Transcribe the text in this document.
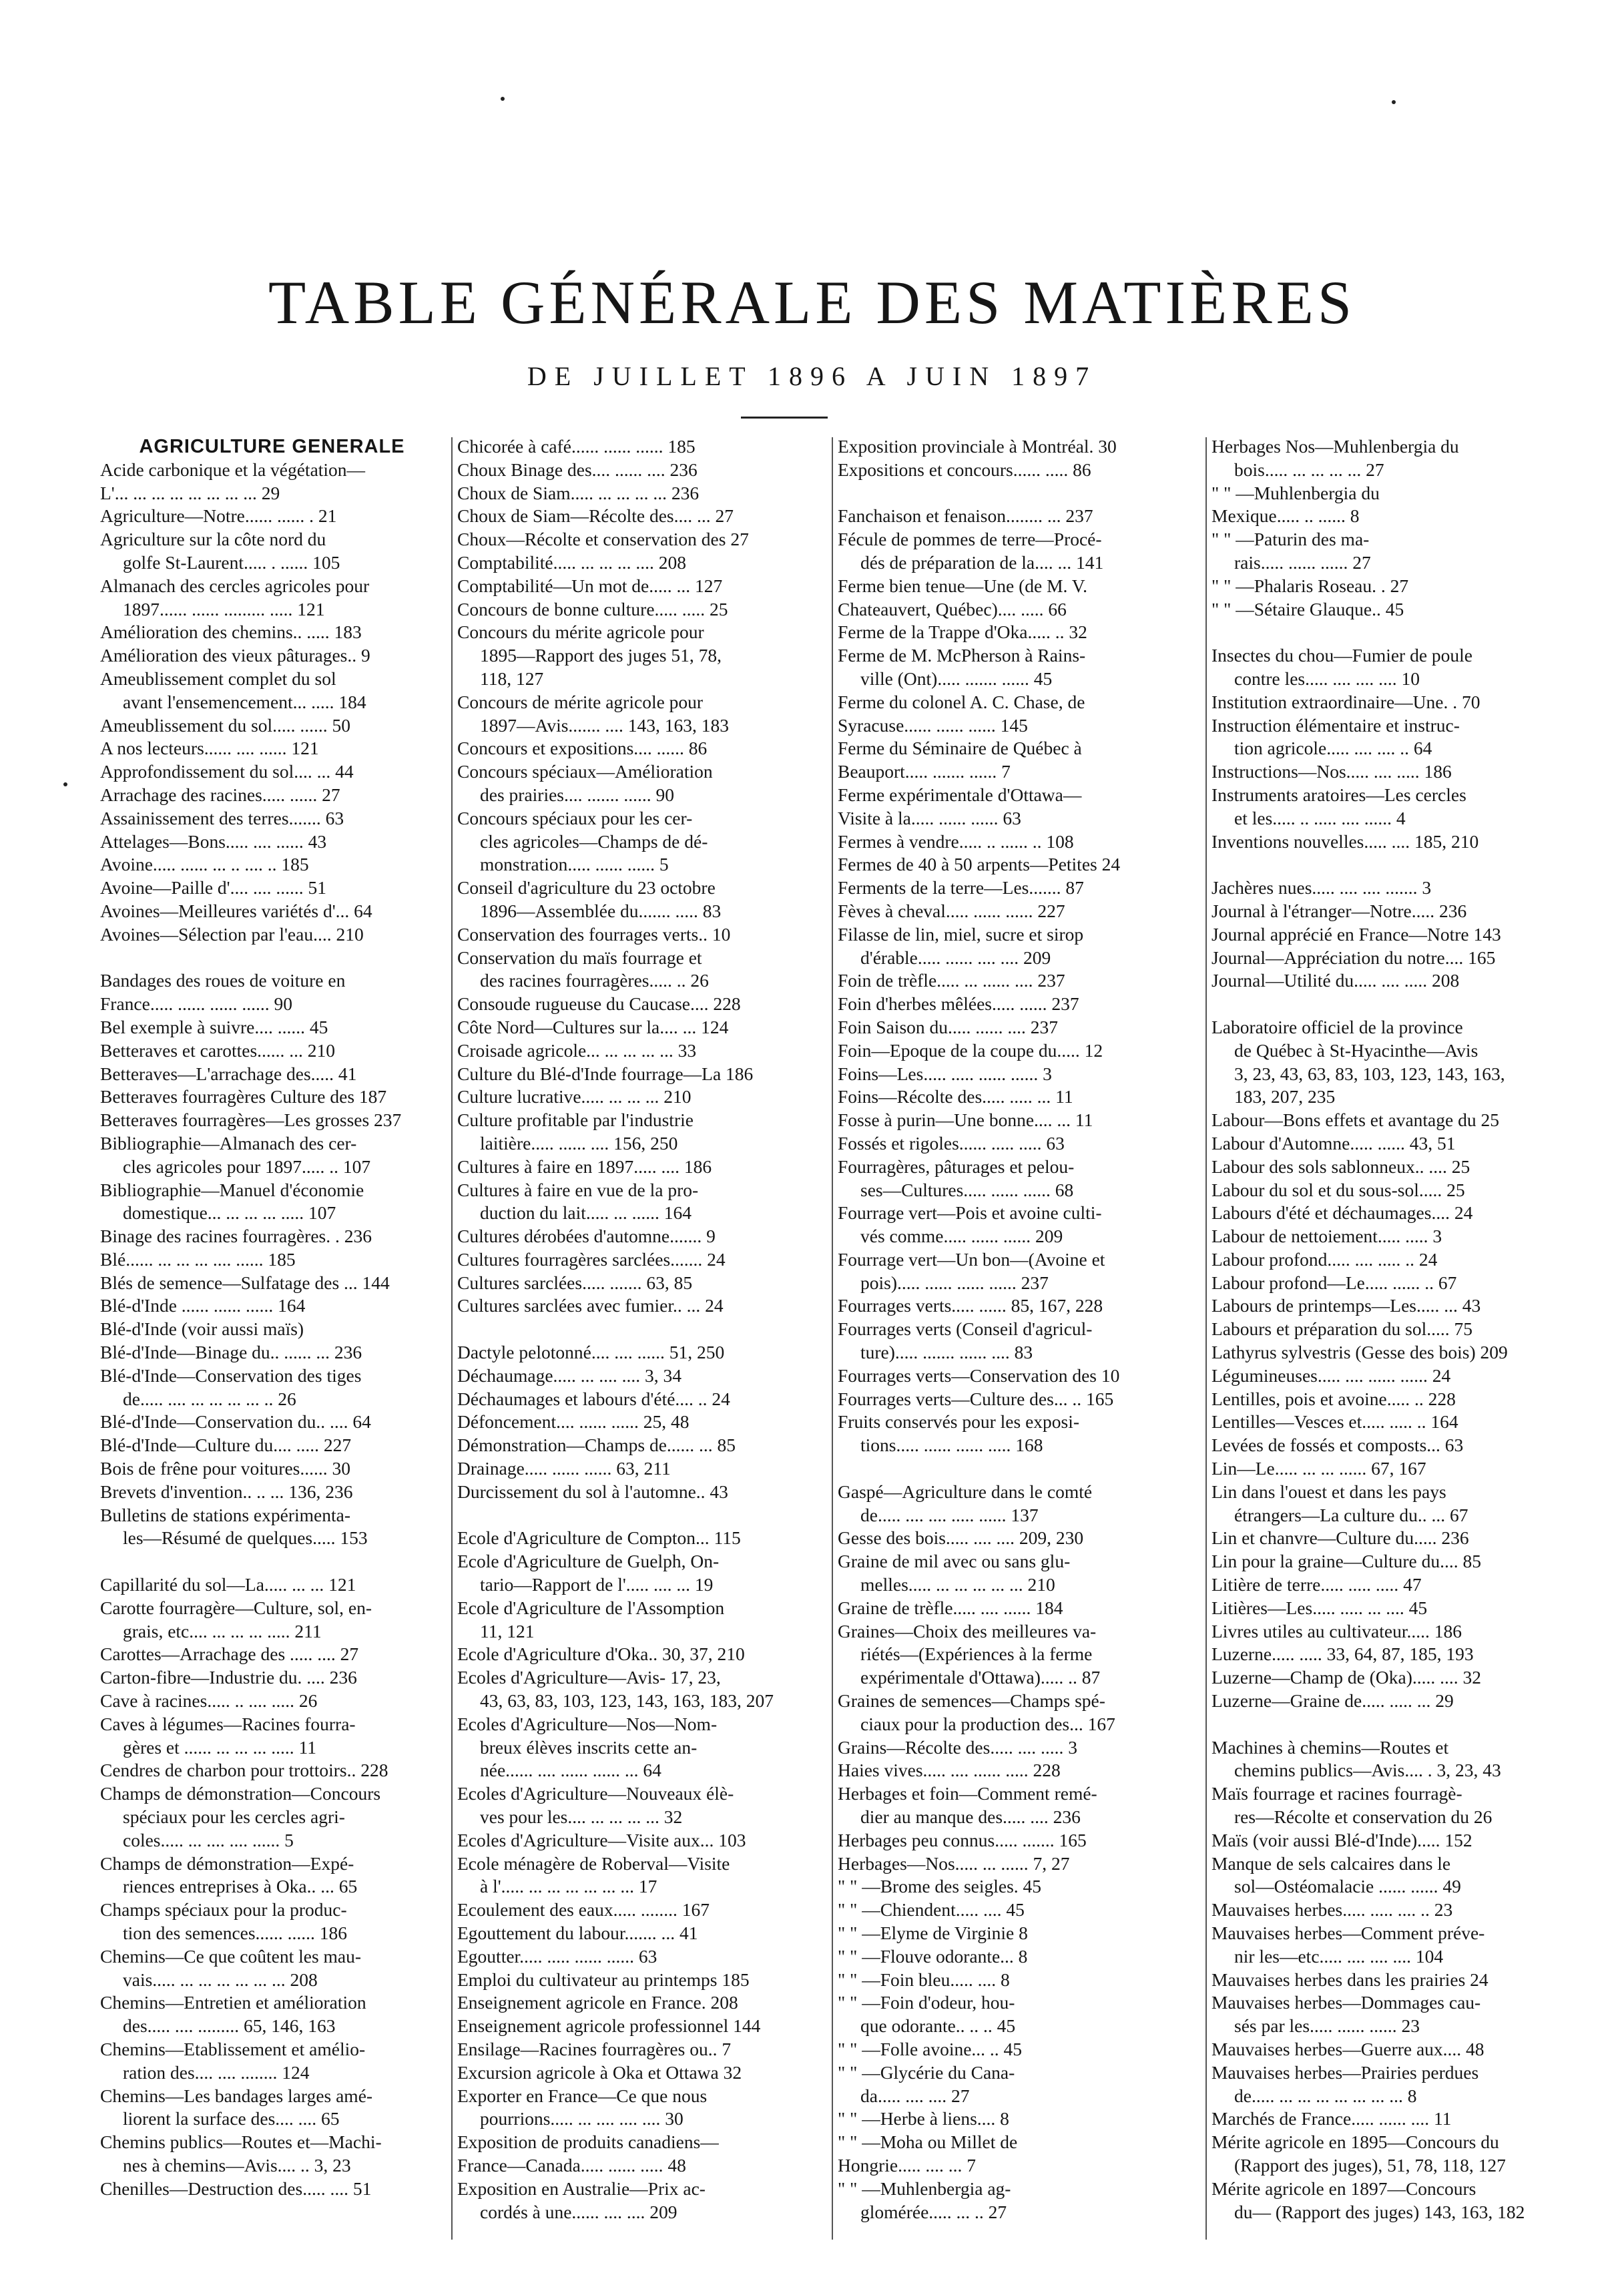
TABLE GÉNÉRALE DES MATIÈRES
DE JUILLET 1896 A JUIN 1897
AGRICULTURE GENERALE
Acide carbonique et la végétation—
L'... ... ... ... ... ... ... ... 29
Agriculture—Notre...... ...... . 21
Agriculture sur la côte nord du
golfe St-Laurent..... . ...... 105
Almanach des cercles agricoles pour
1897...... ...... ......... ..... 121
Amélioration des chemins.. ..... 183
Amélioration des vieux pâturages.. 9
Ameublissement complet du sol
avant l'ensemencement... ..... 184
Ameublissement du sol..... ...... 50
A nos lecteurs...... .... ...... 121
Approfondissement du sol.... ... 44
Arrachage des racines..... ...... 27
Assainissement des terres....... 63
Attelages—Bons..... .... ...... 43
Avoine..... ...... ... .. .... .. 185
Avoine—Paille d'.... .... ...... 51
Avoines—Meilleures variétés d'... 64
Avoines—Sélection par l'eau.... 210
Bandages des roues de voiture en
France..... ...... ...... ...... 90
Bel exemple à suivre.... ...... 45
Betteraves et carottes...... ... 210
Betteraves—L'arrachage des..... 41
Betteraves fourragères Culture des 187
Betteraves fourragères—Les grosses 237
Bibliographie—Almanach des cer-
cles agricoles pour 1897..... .. 107
Bibliographie—Manuel d'économie
domestique... ... ... ... ..... 107
Binage des racines fourragères. . 236
Blé...... ... ... ... .... ...... 185
Blés de semence—Sulfatage des ... 144
Blé-d'Inde ...... ...... ...... 164
Blé-d'Inde (voir aussi maïs)
Blé-d'Inde—Binage du.. ...... ... 236
Blé-d'Inde—Conservation des tiges
de..... .... ... ... ... ... .. 26
Blé-d'Inde—Conservation du.. .... 64
Blé-d'Inde—Culture du.... ..... 227
Bois de frêne pour voitures...... 30
Brevets d'invention.. .. ... 136, 236
Bulletins de stations expérimenta-
les—Résumé de quelques..... 153
Capillarité du sol—La..... ... ... 121
Carotte fourragère—Culture, sol, en-
grais, etc.... ... ... ... ..... 211
Carottes—Arrachage des ..... .... 27
Carton-fibre—Industrie du. .... 236
Cave à racines..... .. .... ..... 26
Caves à légumes—Racines fourra-
gères et ...... ... ... ... ..... 11
Cendres de charbon pour trottoirs.. 228
Champs de démonstration—Concours
spéciaux pour les cercles agri-
coles..... ... .... .... ...... 5
Champs de démonstration—Expé-
riences entreprises à Oka.. ... 65
Champs spéciaux pour la produc-
tion des semences...... ...... 186
Chemins—Ce que coûtent les mau-
vais..... ... ... ... ... ... ... 208
Chemins—Entretien et amélioration
des..... .... ......... 65, 146, 163
Chemins—Etablissement et amélio-
ration des.... .... ........ 124
Chemins—Les bandages larges amé-
liorent la surface des.... .... 65
Chemins publics—Routes et—Machi-
nes à chemins—Avis.... .. 3, 23
Chenilles—Destruction des..... .... 51
Chicorée à café...... ...... ...... 185
Choux Binage des.... ...... .... 236
Choux de Siam..... ... ... ... ... 236
Choux de Siam—Récolte des.... ... 27
Choux—Récolte et conservation des 27
Comptabilité..... ... ... ... .... 208
Comptabilité—Un mot de..... ... 127
Concours de bonne culture..... ..... 25
Concours du mérite agricole pour
1895—Rapport des juges 51, 78,
118, 127
Concours de mérite agricole pour
1897—Avis....... .... 143, 163, 183
Concours et expositions.... ...... 86
Concours spéciaux—Amélioration
des prairies.... ....... ...... 90
Concours spéciaux pour les cer-
cles agricoles—Champs de dé-
monstration..... ...... ...... 5
Conseil d'agriculture du 23 octobre
1896—Assemblée du....... ..... 83
Conservation des fourrages verts.. 10
Conservation du maïs fourrage et
des racines fourragères..... .. 26
Consoude rugueuse du Caucase.... 228
Côte Nord—Cultures sur la.... ... 124
Croisade agricole... ... ... ... ... 33
Culture du Blé-d'Inde fourrage—La 186
Culture lucrative..... ... ... ... 210
Culture profitable par l'industrie
laitière..... ...... .... 156, 250
Cultures à faire en 1897..... .... 186
Cultures à faire en vue de la pro-
duction du lait..... ... ...... 164
Cultures dérobées d'automne....... 9
Cultures fourragères sarclées....... 24
Cultures sarclées..... ....... 63, 85
Cultures sarclées avec fumier.. ... 24
Dactyle pelotonné.... .... ...... 51, 250
Déchaumage..... ... .... .... 3, 34
Déchaumages et labours d'été.... .. 24
Défoncement.... ...... ...... 25, 48
Démonstration—Champs de...... ... 85
Drainage..... ...... ...... 63, 211
Durcissement du sol à l'automne.. 43
Ecole d'Agriculture de Compton... 115
Ecole d'Agriculture de Guelph, On-
tario—Rapport de l'..... .... ... 19
Ecole d'Agriculture de l'Assomption
11, 121
Ecole d'Agriculture d'Oka.. 30, 37, 210
Ecoles d'Agriculture—Avis- 17, 23,
43, 63, 83, 103, 123, 143, 163, 183, 207
Ecoles d'Agriculture—Nos—Nom-
breux élèves inscrits cette an-
née...... .... ...... ...... ... 64
Ecoles d'Agriculture—Nouveaux élè-
ves pour les.... ... ... ... ... 32
Ecoles d'Agriculture—Visite aux... 103
Ecole ménagère de Roberval—Visite
à l'..... ... ... ... ... ... ... 17
Ecoulement des eaux..... ........ 167
Egouttement du labour....... ... 41
Egoutter..... ..... ...... ...... 63
Emploi du cultivateur au printemps 185
Enseignement agricole en France. 208
Enseignement agricole professionnel 144
Ensilage—Racines fourragères ou.. 7
Excursion agricole à Oka et Ottawa 32
Exporter en France—Ce que nous
pourrions..... ... .... .... .... 30
Exposition de produits canadiens—
France—Canada..... ...... ..... 48
Exposition en Australie—Prix ac-
cordés à une...... .... .... 209
Exposition provinciale à Montréal. 30
Expositions et concours...... ..... 86
Fanchaison et fenaison........ ... 237
Fécule de pommes de terre—Procé-
dés de préparation de la.... ... 141
Ferme bien tenue—Une (de M. V.
Chateauvert, Québec).... ..... 66
Ferme de la Trappe d'Oka..... .. 32
Ferme de M. McPherson à Rains-
ville (Ont)..... ....... ...... 45
Ferme du colonel A. C. Chase, de
Syracuse...... ...... ...... 145
Ferme du Séminaire de Québec à
Beauport..... ....... ...... 7
Ferme expérimentale d'Ottawa—
Visite à la..... ...... ...... 63
Fermes à vendre..... .. ...... .. 108
Fermes de 40 à 50 arpents—Petites 24
Ferments de la terre—Les....... 87
Fèves à cheval..... ...... ...... 227
Filasse de lin, miel, sucre et sirop
d'érable..... ...... .... .... 209
Foin de trèfle..... ... ...... .... 237
Foin d'herbes mêlées..... ...... 237
Foin Saison du..... ...... .... 237
Foin—Epoque de la coupe du..... 12
Foins—Les..... ..... ...... ...... 3
Foins—Récolte des..... ..... ... 11
Fosse à purin—Une bonne.... ... 11
Fossés et rigoles...... ..... ..... 63
Fourragères, pâturages et pelou-
ses—Cultures..... ...... ...... 68
Fourrage vert—Pois et avoine culti-
vés comme..... ...... ...... 209
Fourrage vert—Un bon—(Avoine et
pois)..... ...... ...... ...... 237
Fourrages verts..... ...... 85, 167, 228
Fourrages verts (Conseil d'agricul-
ture)..... ....... ...... .... 83
Fourrages verts—Conservation des 10
Fourrages verts—Culture des... .. 165
Fruits conservés pour les exposi-
tions..... ...... ...... ..... 168
Gaspé—Agriculture dans le comté
de..... .... .... ..... ...... 137
Gesse des bois..... .... .... 209, 230
Graine de mil avec ou sans glu-
melles..... ... ... ... ... ... 210
Graine de trèfle..... .... ...... 184
Graines—Choix des meilleures va-
riétés—(Expériences à la ferme
expérimentale d'Ottawa)..... .. 87
Graines de semences—Champs spé-
ciaux pour la production des... 167
Grains—Récolte des..... .... ..... 3
Haies vives..... .... ...... ..... 228
Herbages et foin—Comment remé-
dier au manque des..... .... 236
Herbages peu connus..... ....... 165
Herbages—Nos..... ... ...... 7, 27
" " —Brome des seigles. 45
" " —Chiendent..... .... 45
" " —Elyme de Virginie 8
" " —Flouve odorante... 8
" " —Foin bleu..... .... 8
" " —Foin d'odeur, hou-
que odorante.. .. .. 45
" " —Folle avoine... .. 45
" " —Glycérie du Cana-
da..... .... .... 27
" " —Herbe à liens.... 8
" " —Moha ou Millet de
Hongrie..... .... ... 7
" " —Muhlenbergia ag-
glomérée..... ... .. 27
Herbages Nos—Muhlenbergia du
bois..... ... ... ... ... 27
" " —Muhlenbergia du
Mexique..... .. ...... 8
" " —Paturin des ma-
rais..... ...... ...... 27
" " —Phalaris Roseau. . 27
" " —Sétaire Glauque.. 45
Insectes du chou—Fumier de poule
contre les..... .... .... .... 10
Institution extraordinaire—Une. . 70
Instruction élémentaire et instruc-
tion agricole..... .... .... .. 64
Instructions—Nos..... .... ..... 186
Instruments aratoires—Les cercles
et les..... .. ..... .... ...... 4
Inventions nouvelles..... .... 185, 210
Jachères nues..... .... .... ....... 3
Journal à l'étranger—Notre..... 236
Journal apprécié en France—Notre 143
Journal—Appréciation du notre.... 165
Journal—Utilité du..... .... ..... 208
Laboratoire officiel de la province
de Québec à St-Hyacinthe—Avis
3, 23, 43, 63, 83, 103, 123, 143, 163,
183, 207, 235
Labour—Bons effets et avantage du 25
Labour d'Automne..... ...... 43, 51
Labour des sols sablonneux.. .... 25
Labour du sol et du sous-sol..... 25
Labours d'été et déchaumages.... 24
Labour de nettoiement..... ..... 3
Labour profond..... .... ..... .. 24
Labour profond—Le..... ...... .. 67
Labours de printemps—Les..... ... 43
Labours et préparation du sol..... 75
Lathyrus sylvestris (Gesse des bois) 209
Légumineuses..... .... ...... ...... 24
Lentilles, pois et avoine..... .. 228
Lentilles—Vesces et..... ..... .. 164
Levées de fossés et composts... 63
Lin—Le..... ... ... ...... 67, 167
Lin dans l'ouest et dans les pays
étrangers—La culture du.. ... 67
Lin et chanvre—Culture du..... 236
Lin pour la graine—Culture du.... 85
Litière de terre..... ..... ..... 47
Litières—Les..... ..... ... .... 45
Livres utiles au cultivateur..... 186
Luzerne..... ..... 33, 64, 87, 185, 193
Luzerne—Champ de (Oka)..... .... 32
Luzerne—Graine de..... ..... ... 29
Machines à chemins—Routes et
chemins publics—Avis.... . 3, 23, 43
Maïs fourrage et racines fourragè-
res—Récolte et conservation du 26
Maïs (voir aussi Blé-d'Inde)..... 152
Manque de sels calcaires dans le
sol—Ostéomalacie ...... ...... 49
Mauvaises herbes..... ..... .... .. 23
Mauvaises herbes—Comment préve-
nir les—etc..... .... .... .... 104
Mauvaises herbes dans les prairies 24
Mauvaises herbes—Dommages cau-
sés par les..... ...... ...... 23
Mauvaises herbes—Guerre aux.... 48
Mauvaises herbes—Prairies perdues
de..... ... ... ... ... ... ... ... 8
Marchés de France..... ...... .... 11
Mérite agricole en 1895—Concours du
(Rapport des juges), 51, 78, 118, 127
Mérite agricole en 1897—Concours
du— (Rapport des juges) 143, 163, 182
